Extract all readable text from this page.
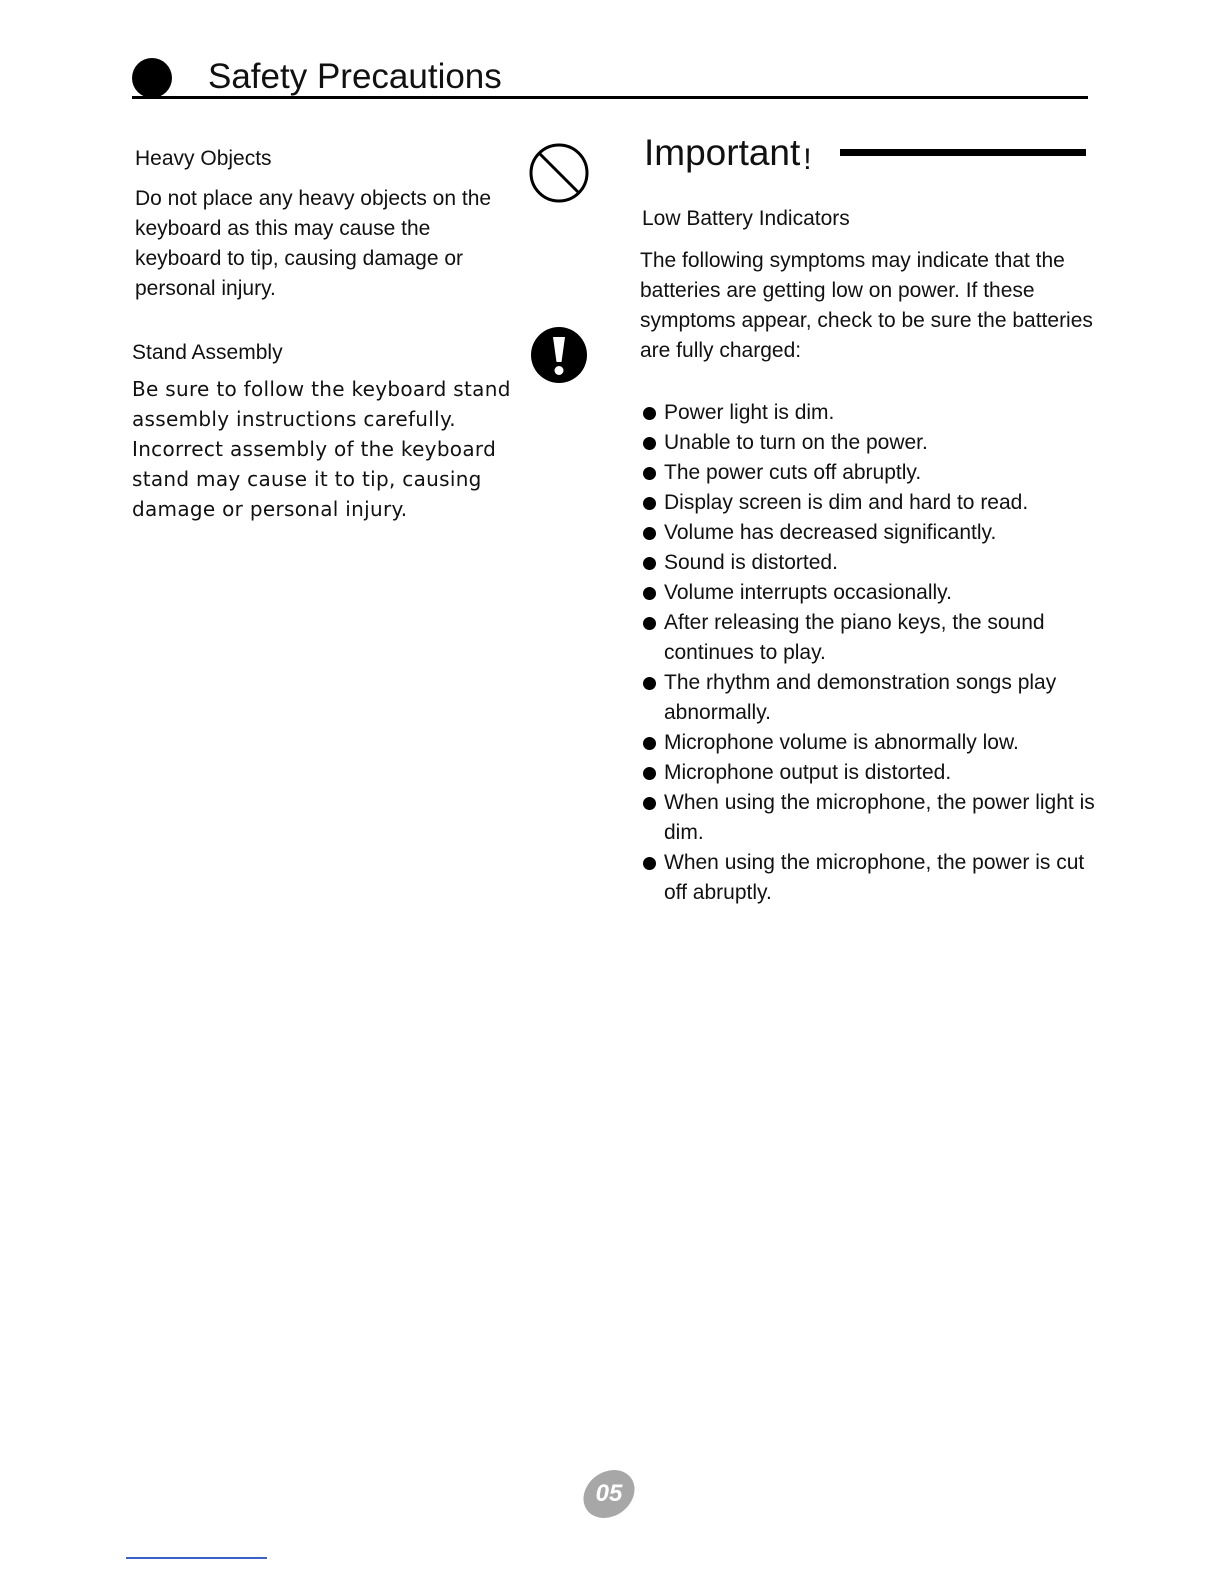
Safety Precautions
Heavy Objects

Do not place any heavy objects on the keyboard as this may cause the keyboard to tip, causing damage or personal injury.

Stand Assembly

Be sure to follow the keyboard stand assembly instructions carefully. Incorrect assembly of the keyboard stand may cause it to tip, causing damage or personal injury.

Important !
Low Battery Indicators

The following symptoms may indicate that the batteries are getting low on power. If these symptoms appear, check to be sure the batteries are fully charged:

Power light is dim.
Unable to turn on the power.
The power cuts off abruptly.
Display screen is dim and hard to read.
Volume has decreased significantly.
Sound is distorted.
Volume interrupts occasionally.
After releasing the piano keys, the sound continues to play.
The rhythm and demonstration songs play abnormally.
Microphone volume is abnormally low.
Microphone output is distorted.
When using the microphone, the power light is dim.
When using the microphone, the power is cut off abruptly.
05
